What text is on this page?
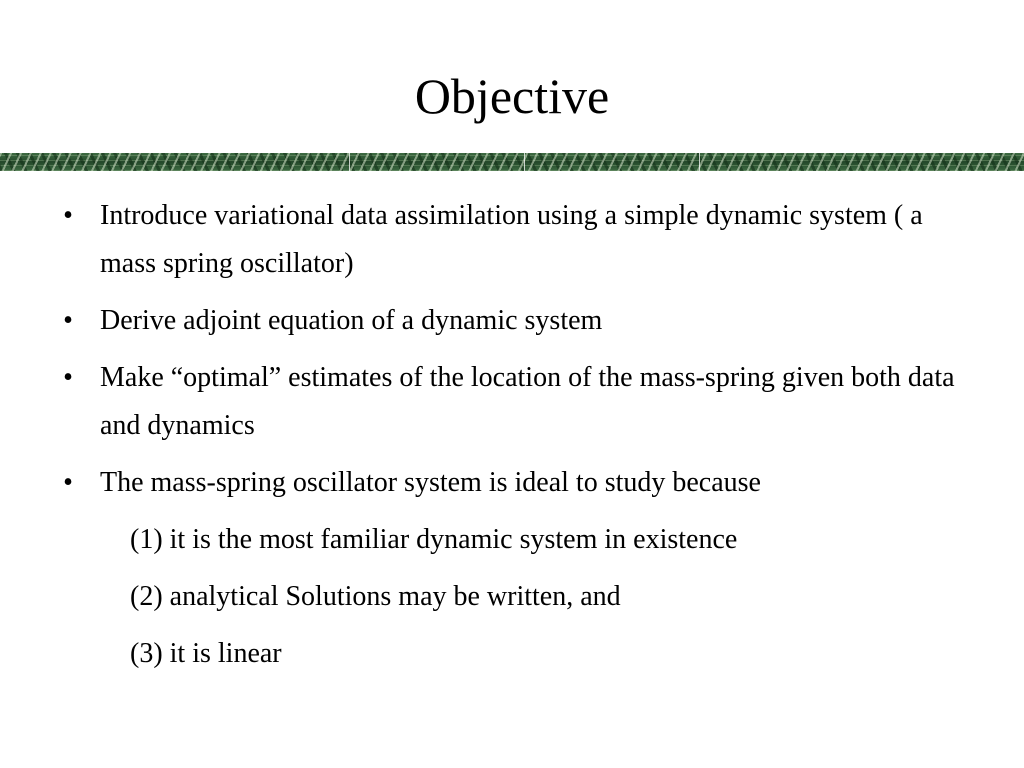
Objective
• Introduce variational data assimilation using a simple dynamic system ( a mass spring oscillator)
• Derive adjoint equation of a dynamic system
• Make “optimal” estimates of the location of the mass-spring given both data and dynamics
• The mass-spring oscillator system is ideal to study because
(1) it is the most familiar dynamic system in existence
(2) analytical Solutions may be written, and
(3) it is linear
